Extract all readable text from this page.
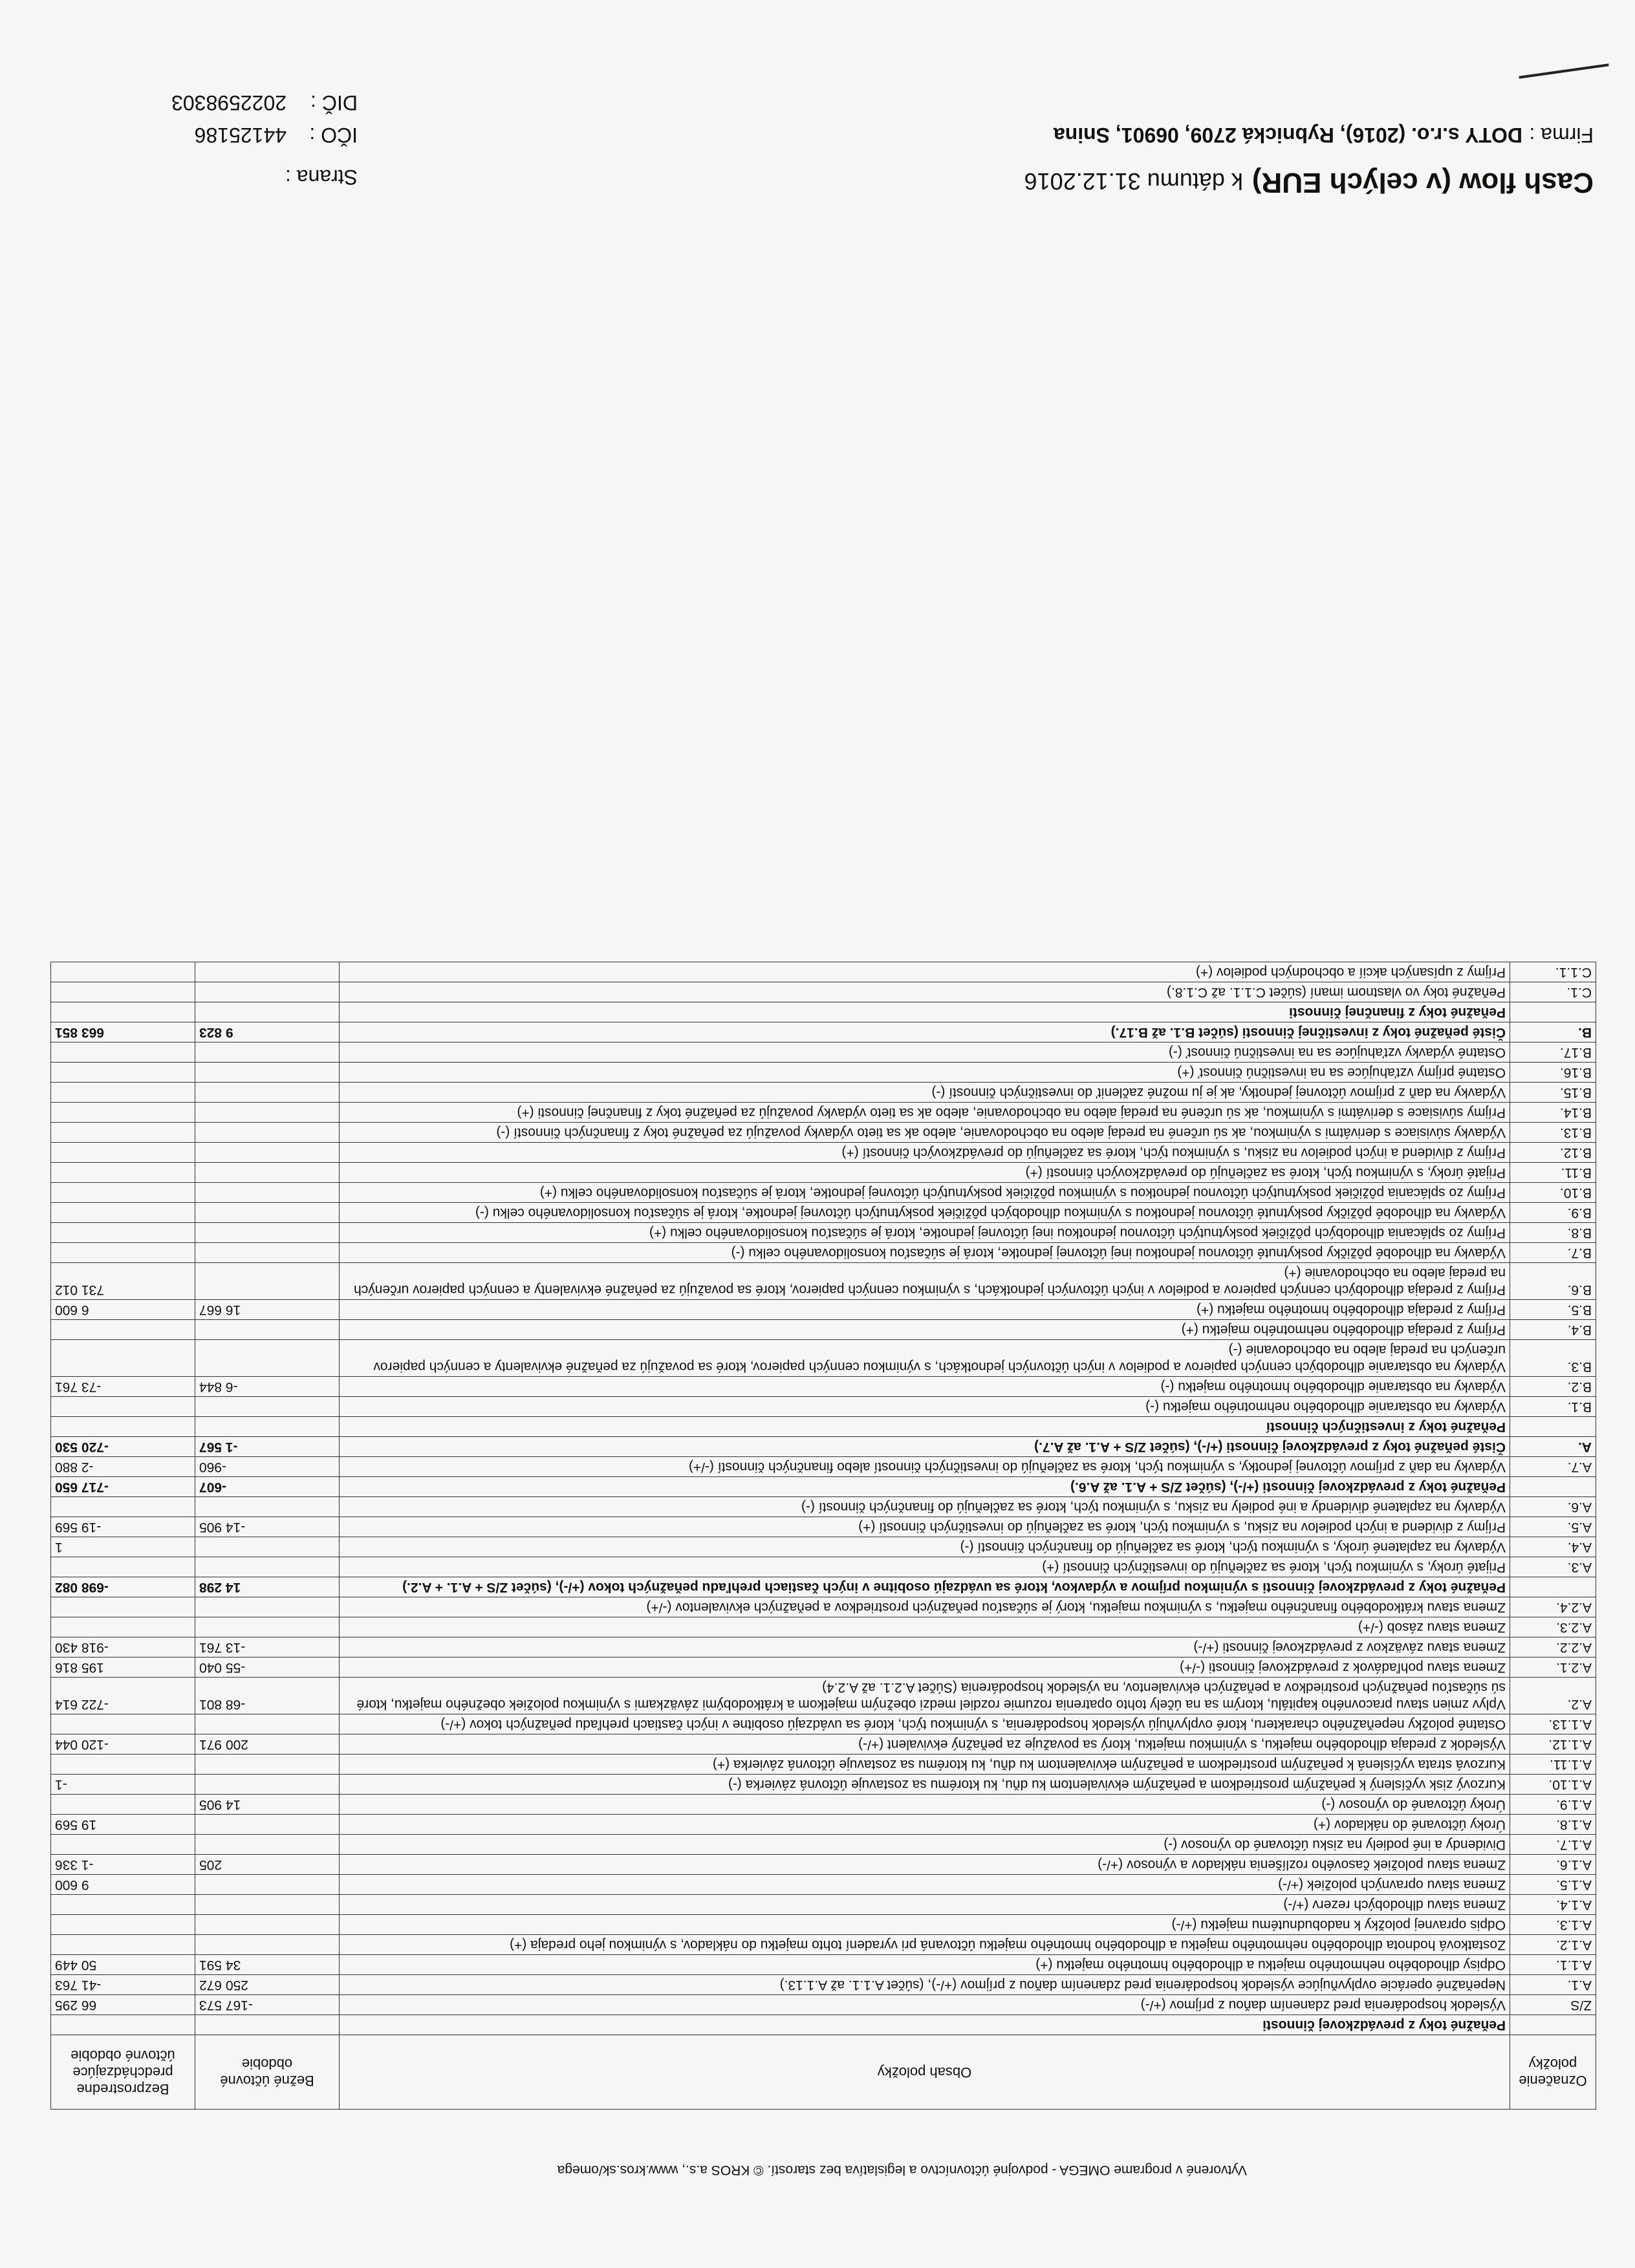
Cash flow (v celých EUR)k dátumu 31.12.2016
Strana :
Firma :DOTY s.r.o. (2016), Rybnická 2709, 06901, Snina
IČO :44125186
DIČ :2022598303
Označenie položky	Obsah položky	Bežné účtovné obdobie	Bezprostredne predchádzajúce účtovné obdobie
	Peňažné toky z prevádzkovej činnosti		
Z/S	Výsledok hospodárenia pred zdanením daňou z príjmov (+/-)	-167 573	66 295
A.1.	Nepeňažné operácie ovplyvňujúce výsledok hospodárenia pred zdanením daňou z príjmov (+/-), (súčet A.1.1. až A.1.13.)	250 672	-41 763
A.1.1.	Odpisy dlhodobého nehmotného majetku a dlhodobého hmotného majetku (+)	34 591	50 449
A.1.2.	Zostatková hodnota dlhodobého nehmotného majetku a dlhodobého hmotného majetku účtovaná pri vyradení tohto majetku do nákladov, s výnimkou jeho predaja (+)		
A.1.3.	Odpis opravnej položky k nadobudnutému majetku (+/-)		
A.1.4.	Zmena stavu dlhodobých rezerv (+/-)		
A.1.5.	Zmena stavu opravných položiek (+/-)		9 600
A.1.6.	Zmena stavu položiek časového rozlíšenia nákladov a výnosov (+/-)	205	-1 336
A.1.7.	Dividendy a iné podiely na zisku účtované do výnosov (-)		
A.1.8.	Úroky účtované do nákladov (+)		19 569
A.1.9.	Úroky účtované do výnosov (-)	14 905	
A.1.10.	Kurzový zisk vyčíslený k peňažným prostriedkom a peňažným ekvivalentom ku dňu, ku ktorému sa zostavuje účtovná závierka (-)		-1
A.1.11.	Kurzová strata vyčíslená k peňažným prostriedkom a peňažným ekvivalentom ku dňu, ku ktorému sa zostavuje účtovná závierka (+)		
A.1.12.	Výsledok z predaja dlhodobého majetku, s výnimkou majetku, ktorý sa považuje za peňažný ekvivalent (+/-)	200 971	-120 044
A.1.13.	Ostatné položky nepeňažného charakteru, ktoré ovplyvňujú výsledok hospodárenia, s výnimkou tých, ktoré sa uvádzajú osobitne v iných častiach prehľadu peňažných tokov (+/-)		
A.2.	Vplyv zmien stavu pracovného kapitálu, ktorým sa na účely tohto opatrenia rozumie rozdiel medzi obežným majetkom a krátkodobými záväzkami s výnimkou položiek obežného majetku, ktoré sú súčasťou peňažných prostriedkov a peňažných ekvivalentov, na výsledok hospodárenia (Súčet A.2.1. až A.2.4)	-68 801	-722 614
A.2.1.	Zmena stavu pohľadávok z prevádzkovej činnosti (-/+)	-55 040	195 816
A.2.2.	Zmena stavu záväzkov z prevádzkovej činnosti (+/-)	-13 761	-918 430
A.2.3.	Zmena stavu zásob (-/+)		
A.2.4.	Zmena stavu krátkodobého finančného majetku, s výnimkou majetku, ktorý je súčasťou peňažných prostriedkov a peňažných ekvivalentov (-/+)		
	Peňažné toky z prevádzkovej činnosti s výnimkou príjmov a výdavkov, ktoré sa uvádzajú osobitne v iných častiach prehľadu peňažných tokov (+/-), (súčet Z/S + A.1. + A.2.)	14 298	-698 082
A.3.	Prijaté úroky, s výnimkou tých, ktoré sa začleňujú do investičných činností (+)		
A.4.	Výdavky na zaplatené úroky, s výnimkou tých, ktoré sa začleňujú do finančných činností (-)		1
A.5.	Príjmy z dividend a iných podielov na zisku, s výnimkou tých, ktoré sa začleňujú do investičných činností (+)	-14 905	-19 569
A.6.	Výdavky na zaplatené dividendy a iné podiely na zisku, s výnimkou tých, ktoré sa začleňujú do finančných činností (-)		
	Peňažné toky z prevádzkovej činnosti (+/-), (súčet Z/S + A.1. až A.6.)	-607	-717 650
A.7.	Výdavky na daň z príjmov účtovnej jednotky, s výnimkou tých, ktoré sa začleňujú do investičných činností alebo finančných činností (-/+)	-960	-2 880
A.	Čisté peňažné toky z prevádzkovej činnosti (+/-), (súčet Z/S + A.1. až A.7.)	-1 567	-720 530
	Peňažné toky z investičných činností		
B.1.	Výdavky na obstaranie dlhodobého nehmotného majetku (-)		
B.2.	Výdavky na obstaranie dlhodobého hmotného majetku (-)	-6 844	-73 761
B.3.	Výdavky na obstaranie dlhodobých cenných papierov a podielov v iných účtovných jednotkách, s výnimkou cenných papierov, ktoré sa považujú za peňažné ekvivalenty a cenných papierov určených na predaj alebo na obchodovanie (-)		
B.4.	Príjmy z predaja dlhodobého nehmotného majetku (+)		
B.5.	Príjmy z predaja dlhodobého hmotného majetku (+)	16 667	6 600
B.6.	Príjmy z predaja dlhodobých cenných papierov a podielov v iných účtovných jednotkách, s výnimkou cenných papierov, ktoré sa považujú za peňažné ekvivalenty a cenných papierov určených na predaj alebo na obchodovanie (+)		731 012
B.7.	Výdavky na dlhodobé pôžičky poskytnuté účtovnou jednotkou inej účtovnej jednotke, ktorá je súčasťou konsolidovaného celku (-)		
B.8.	Príjmy zo splácania dlhodobých pôžičiek poskytnutých účtovnou jednotkou inej účtovnej jednotke, ktorá je súčasťou konsolidovaného celku (+)		
B.9.	Výdavky na dlhodobé pôžičky poskytnuté účtovnou jednotkou s výnimkou dlhodobých pôžičiek poskytnutých účtovnej jednotke, ktorá je súčasťou konsolidovaného celku (-)		
B.10.	Príjmy zo splácania pôžičiek poskytnutých účtovnou jednotkou s výnimkou pôžičiek poskytnutých účtovnej jednotke, ktorá je súčasťou konsolidovaného celku (+)		
B.11.	Prijaté úroky, s výnimkou tých, ktoré sa začleňujú do prevádzkových činností (+)		
B.12.	Príjmy z dividend a iných podielov na zisku, s výnimkou tých, ktoré sa začleňujú do prevádzkových činností (+)		
B.13.	Výdavky súvisiace s derivátmi s výnimkou, ak sú určené na predaj alebo na obchodovanie, alebo ak sa tieto výdavky považujú za peňažné toky z finančných činností (-)		
B.14.	Príjmy súvisiace s derivátmi s výnimkou, ak sú určené na predaj alebo na obchodovanie, alebo ak sa tieto výdavky považujú za peňažné toky z finančnej činnosti (+)		
B.15.	Výdavky na daň z príjmov účtovnej jednotky, ak je ju možné začleniť do investičných činností (-)		
B.16.	Ostatné príjmy vzťahujúce sa na investičnú činnosť (+)		
B.17.	Ostatné výdavky vzťahujúce sa na investičnú činnosť (-)		
B.	Čisté peňažné toky z investičnej činnosti (súčet B.1. až B.17.)	9 823	663 851
	Peňažné toky z finančnej činnosti		
C.1.	Peňažné toky vo vlastnom imaní (súčet C.1.1. až C.1.8.)		
C.1.1.	Príjmy z upísaných akcií a obchodných podielov (+)		
Vytvorené v programe OMEGA - podvojné účtovníctvo a legislatíva bez starostí. © KROS a.s., www.kros.sk/omega
